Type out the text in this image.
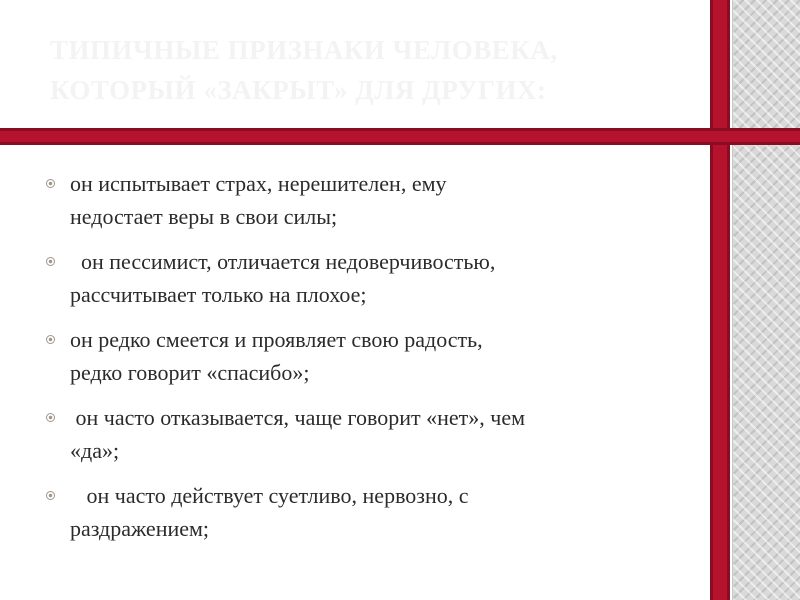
ТИПИЧНЫЕ ПРИЗНАКИ ЧЕЛОВЕКА,
КОТОРЫЙ «ЗАКРЫТ» ДЛЯ ДРУГИХ:
он испытывает страх, нерешителен, ему
недостает веры в свои силы;
он пессимист, отличается недоверчивостью,
рассчитывает только на плохое;
он редко смеется и проявляет свою радость,
редко говорит «спасибо»;
он часто отказывается, чаще говорит «нет», чем
«да»;
он часто действует суетливо, нервозно, с
раздражением;
